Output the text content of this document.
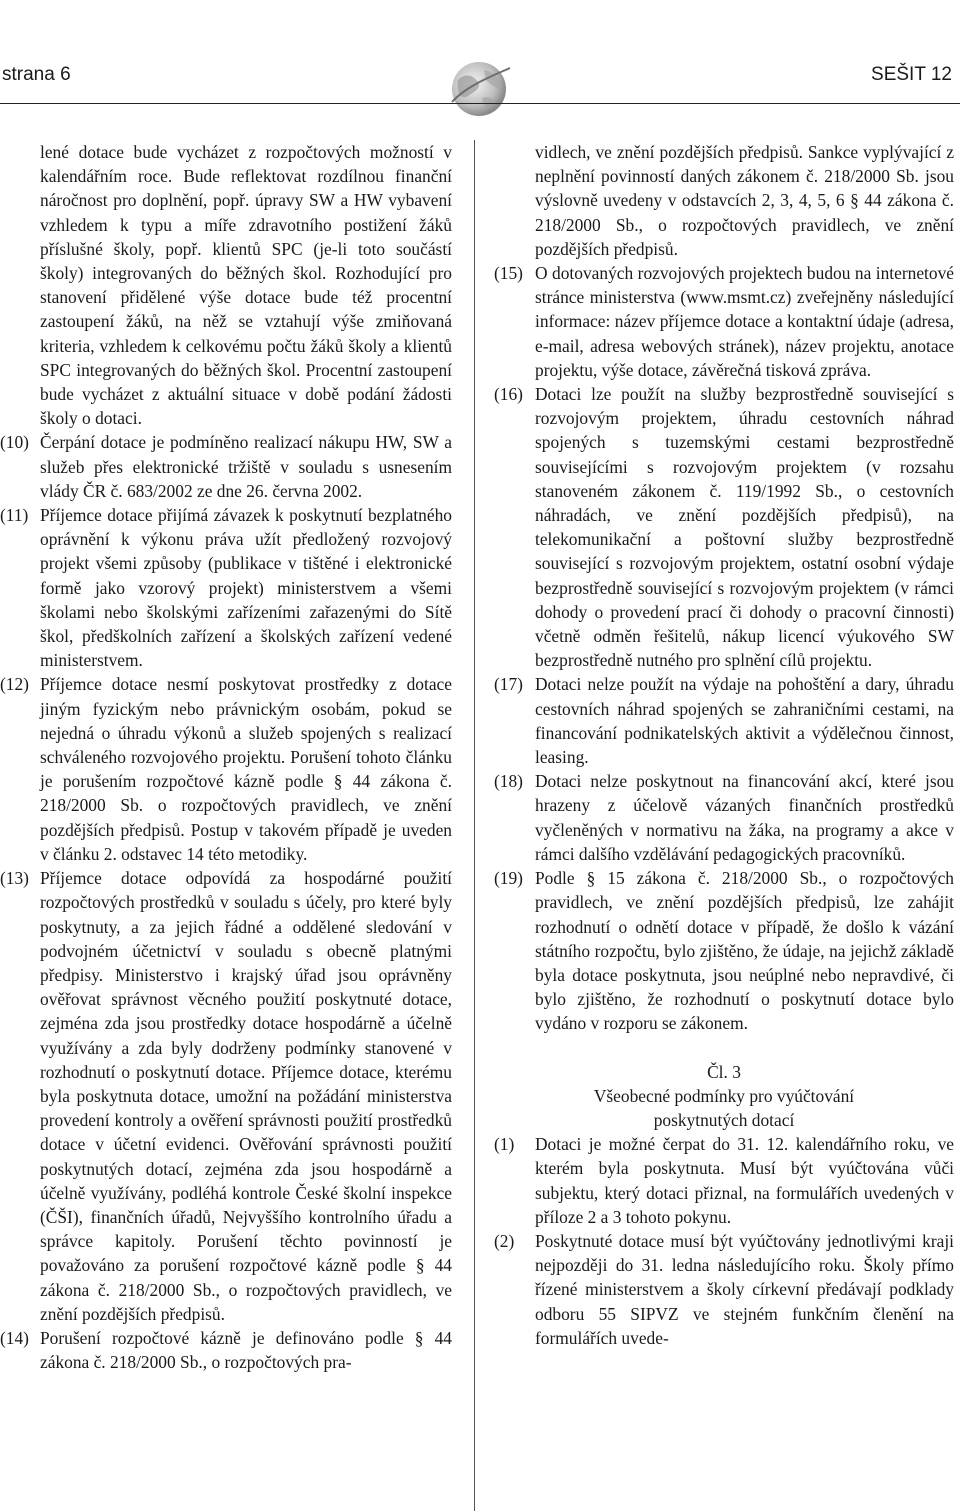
strana 6	SEŠIT 12

lené dotace bude vycházet z rozpočtových možností v kalendářním roce. Bude reflektovat rozdílnou finanční náročnost pro doplnění, popř. úpravy SW a HW vybavení vzhledem k typu a míře zdravotního postižení žáků příslušné školy, popř. klientů SPC (je-li toto součástí školy) integrovaných do běžných škol. Rozhodující pro stanovení přidělené výše dotace bude též procentní zastoupení žáků, na něž se vztahují výše zmiňovaná kriteria, vzhledem k celkovému počtu žáků školy a klientů SPC integrovaných do běžných škol. Procentní zastoupení bude vycházet z aktuální situace v době podání žádosti školy o dotaci.

(10) Čerpání dotace je podmíněno realizací nákupu HW, SW a služeb přes elektronické tržiště v souladu s usnesením vlády ČR č. 683/2002 ze dne 26. června 2002.
(11) Příjemce dotace přijímá závazek k poskytnutí bezplatného oprávnění k výkonu práva užít předložený rozvojový projekt všemi způsoby (publikace v tištěné i elektronické formě jako vzorový projekt) ministerstvem a všemi školami nebo školskými zařízeními zařazenými do Sítě škol, předškolních zařízení a školských zařízení vedené ministerstvem.
(12) Příjemce dotace nesmí poskytovat prostředky z dotace jiným fyzickým nebo právnickým osobám, pokud se nejedná o úhradu výkonů a služeb spojených s realizací schváleného rozvojového projektu. Porušení tohoto článku je porušením rozpočtové kázně podle § 44 zákona č. 218/2000 Sb. o rozpočtových pravidlech, ve znění pozdějších předpisů. Postup v takovém případě je uveden v článku 2. odstavec 14 této metodiky.
(13) Příjemce dotace odpovídá za hospodárné použití rozpočtových prostředků v souladu s účely, pro které byly poskytnuty, a za jejich řádné a oddělené sledování v podvojném účetnictví v souladu s obecně platnými předpisy. Ministerstvo i krajský úřad jsou oprávněny ověřovat správnost věcného použití poskytnuté dotace, zejména zda jsou prostředky dotace hospodárně a účelně využívány a zda byly dodrženy podmínky stanovené v rozhodnutí o poskytnutí dotace. Příjemce dotace, kterému byla poskytnuta dotace, umožní na požádání ministerstva provedení kontroly a ověření správnosti použití prostředků dotace v účetní evidenci. Ověřování správnosti použití poskytnutých dotací, zejména zda jsou hospodárně a účelně využívány, podléhá kontrole České školní inspekce (ČŠI), finančních úřadů, Nejvyššího kontrolního úřadu a správce kapitoly. Porušení těchto povinností je považováno za porušení rozpočtové kázně podle § 44 zákona č. 218/2000 Sb., o rozpočtových pravidlech, ve znění pozdějších předpisů.
(14) Porušení rozpočtové kázně je definováno podle § 44 zákona č. 218/2000 Sb., o rozpočtových pra-

vidlech, ve znění pozdějších předpisů. Sankce vyplývající z neplnění povinností daných zákonem č. 218/2000 Sb. jsou výslovně uvedeny v odstavcích 2, 3, 4, 5, 6 § 44 zákona č. 218/2000 Sb., o rozpočtových pravidlech, ve znění pozdějších předpisů.

(15) O dotovaných rozvojových projektech budou na internetové stránce ministerstva (www.msmt.cz) zveřejněny následující informace: název příjemce dotace a kontaktní údaje (adresa, e-mail, adresa webových stránek), název projektu, anotace projektu, výše dotace, závěrečná tisková zpráva.
(16) Dotaci lze použít na služby bezprostředně související s rozvojovým projektem, úhradu cestovních náhrad spojených s tuzemskými cestami bezprostředně souvisejícími s rozvojovým projektem (v rozsahu stanoveném zákonem č. 119/1992 Sb., o cestovních náhradách, ve znění pozdějších předpisů), na telekomunikační a poštovní služby bezprostředně související s rozvojovým projektem, ostatní osobní výdaje bezprostředně související s rozvojovým projektem (v rámci dohody o provedení prací či dohody o pracovní činnosti) včetně odměn řešitelů, nákup licencí výukového SW bezprostředně nutného pro splnění cílů projektu.
(17) Dotaci nelze použít na výdaje na pohoštění a dary, úhradu cestovních náhrad spojených se zahraničními cestami, na financování podnikatelských aktivit a výdělečnou činnost, leasing.
(18) Dotaci nelze poskytnout na financování akcí, které jsou hrazeny z účelově vázaných finančních prostředků vyčleněných v normativu na žáka, na programy a akce v rámci dalšího vzdělávání pedagogických pracovníků.
(19) Podle § 15 zákona č. 218/2000 Sb., o rozpočtových pravidlech, ve znění pozdějších předpisů, lze zahájit rozhodnutí o odnětí dotace v případě, že došlo k vázání státního rozpočtu, bylo zjištěno, že údaje, na jejichž základě byla dotace poskytnuta, jsou neúplné nebo nepravdivé, či bylo zjištěno, že rozhodnutí o poskytnutí dotace bylo vydáno v rozporu se zákonem.

Čl. 3

Všeobecné podmínky pro vyúčtování

poskytnutých dotací

(1)	Dotaci je možné čerpat do 31. 12. kalendářního roku, ve kterém byla poskytnuta. Musí být vyúčtována vůči subjektu, který dotaci přiznal, na formulářích uvedených v příloze 2 a 3 tohoto pokynu.
(2)	Poskytnuté dotace musí být vyúčtovány jednotlivými kraji nejpozději do 31. ledna následujícího roku. Školy přímo řízené ministerstvem a školy církevní předávají podklady odboru 55 SIPVZ ve stejném funkčním členění na formulářích uvede-
